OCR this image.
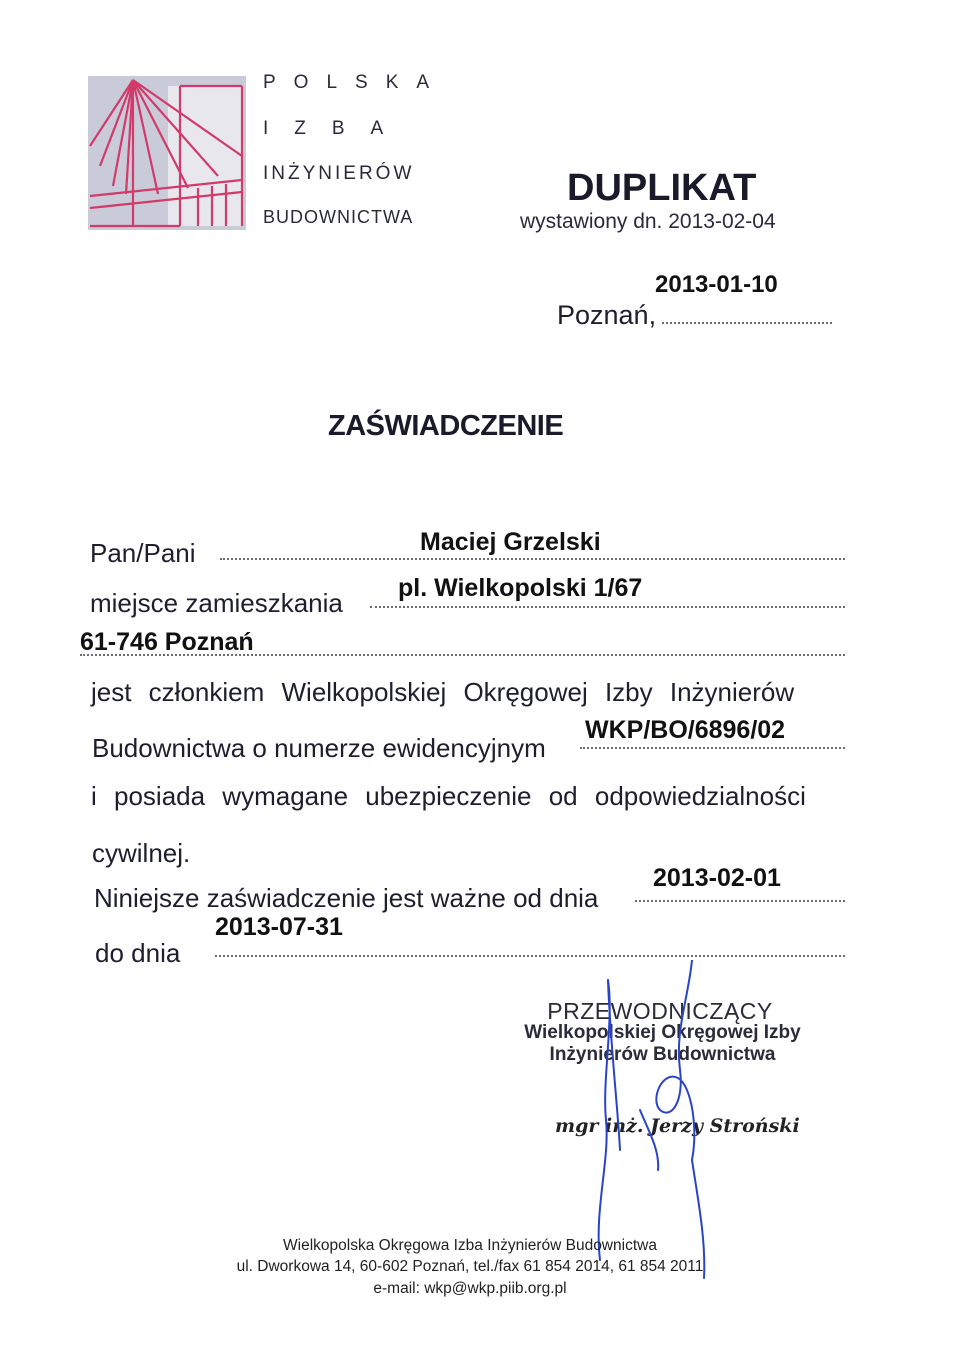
POLSKA
IZBA
INŻYNIERÓW
BUDOWNICTWA
DUPLIKAT
wystawiony dn. 2013-02-04
2013-01-10
Poznań,
ZAŚWIADCZENIE
Pan/Pani	Maciej Grzelski
miejsce zamieszkania pl. Wielkopolski 1/67
61-746 Poznań
jest członkiem Wielkopolskiej Okręgowej Izby Inżynierów
Budownictwa o numerze ewidencyjnym
WKP/BO/6896/02
i posiada wymagane ubezpieczenie od odpowiedzialności
cywilnej.
Niniejsze zaświadczenie jest ważne od dnia
2013-02-01
do dnia
2013-07-31
PRZEWODNICZĄCY
Wielkopolskiej Okręgowej Izby
Inżynierów Budownictwa
mgr inż. Jerzy Stroński
Wielkopolska Okręgowa Izba Inżynierów Budownictwa
ul. Dworkowa 14, 60-602 Poznań, tel./fax 61 854 2014, 61 854 2011
e-mail: wkp@wkp.piib.org.pl
